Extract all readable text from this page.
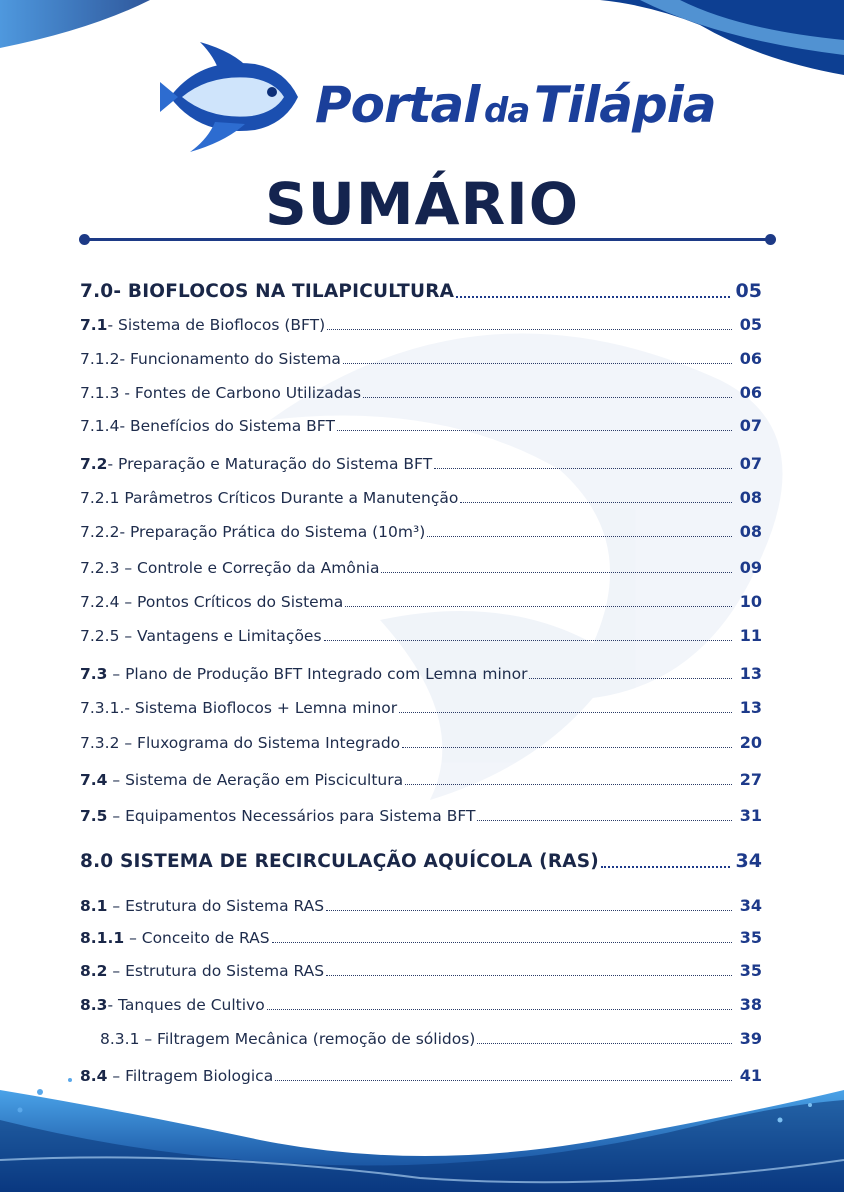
Portal da Tilápia
SUMÁRIO
7.0- BIOFLOCOS NA TILAPICULTURA	05
7.1- Sistema de Bioflocos (BFT)	05
7.1.2- Funcionamento do Sistema	06
7.1.3 - Fontes de Carbono Utilizadas	06
7.1.4- Benefícios do Sistema BFT	07
7.2- Preparação e Maturação do Sistema BFT	07
7.2.1 Parâmetros Críticos Durante a Manutenção	08
7.2.2- Preparação Prática do Sistema (10m³)	08
7.2.3 – Controle e Correção da Amônia	09
7.2.4 – Pontos Críticos do Sistema	10
7.2.5 – Vantagens e Limitações	11
7.3 – Plano de Produção BFT Integrado com Lemna minor	13
7.3.1.- Sistema Bioflocos + Lemna minor	13
7.3.2 – Fluxograma do Sistema Integrado	20
7.4 – Sistema de Aeração em Piscicultura	27
7.5 – Equipamentos Necessários para Sistema BFT	31
8.0 SISTEMA DE RECIRCULAÇÃO AQUÍCOLA (RAS)	34
8.1 – Estrutura do Sistema RAS	34
8.1.1 – Conceito de RAS	35
8.2 – Estrutura do Sistema RAS	35
8.3- Tanques de Cultivo	38
8.3.1 – Filtragem Mecânica (remoção de sólidos)	39
8.4 – Filtragem Biologica	41
